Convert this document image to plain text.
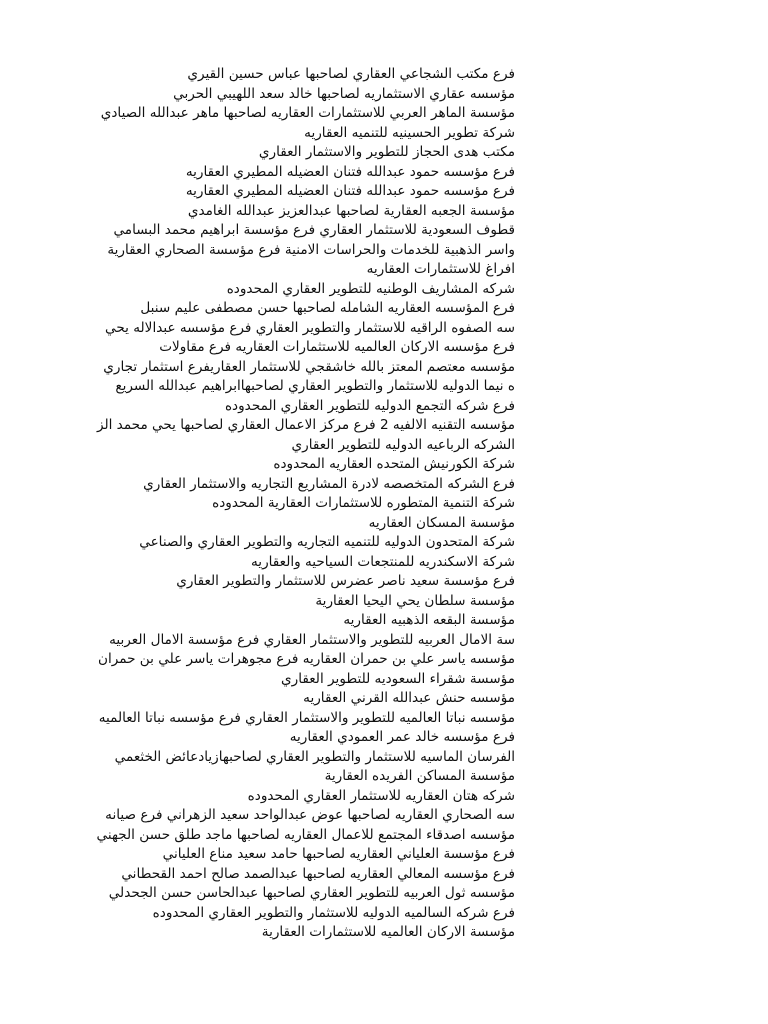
فرع مكتب الشجاعي العقاري لصاحبها عباس حسين القيري
مؤسسه عقاري الاستثماريه لصاحبها خالد سعد اللهيبي الحربي
مؤسسة الماهر العربي للاستثمارات العقاريه لصاحبها ماهر عبدالله الصيادي
شركة تطوير الحسينيه للتنميه العقاريه
مكتب هدى الحجاز للتطوير والاستثمار العقاري
فرع مؤسسه حمود عبدالله فتنان العضيله المطيري العقاريه
فرع مؤسسه حمود عبدالله فتنان العضيله المطيري العقاريه
مؤسسة الجعبه العقارية لصاحبها عبدالعزيز عبدالله الغامدي
قطوف السعودية للاستثمار العقاري فرع مؤسسة ابراهيم محمد البسامي
واسر الذهبية للخدمات والحراسات الامنية فرع مؤسسة الصحاري العقارية
افراغ للاستثمارات العقاريه
شركه المشاريف الوطنيه للتطوير العقاري المحدوده
فرع المؤسسه العقاريه الشامله لصاحبها حسن مصطفى عليم سنبل
سه الصفوه الراقيه للاستثمار والتطوير العقاري فرع مؤسسه عبدالاله يحي
فرع مؤسسه الاركان العالميه للاستثمارات العقاريه فرع مقاولات
مؤسسه معتصم المعتز بالله خاشقجي للاستثمار العقاريفرع استثمار تجاري
ه نيما الدوليه للاستثمار والتطوير العقاري لصاحبهاابراهيم عبدالله السريع
فرع شركه التجمع الدوليه للتطوير العقاري المحدوده
مؤسسه التقنيه الالفيه 2 فرع مركز الاعمال العقاري لصاحبها يحي محمد الز
الشركه الرباعيه الدوليه للتطوير العقاري
شركة الكورنيش المتحده العقاريه المحدوده
فرع الشركه المتخصصه لادرة المشاريع التجاريه والاستثمار العقاري
شركة التنمية المتطوره للاستثمارات العقارية المحدوده
مؤسسة المسكان العقاريه
شركة المتحدون الدوليه للتنميه التجاريه والتطوير العقاري والصناعي
شركة الاسكندريه للمنتجعات السياحيه والعقاريه
فرع مؤسسة سعيد ناصر عضرس للاستثمار والتطوير العقاري
مؤسسة سلطان يحي اليحيا العقارية
مؤسسة البقعه الذهبيه العقاريه
سة الامال العربيه للتطوير والاستثمار العقاري فرع مؤسسة الامال العربيه
مؤسسه ياسر علي بن حمران العقاريه فرع مجوهرات ياسر علي بن حمران
مؤسسة شقراء السعوديه للتطوير العقاري
مؤسسه حنش عبدالله القرني العقاريه
مؤسسه نباتا العالميه للتطوير والاستثمار العقاري فرع مؤسسه نباتا العالميه
فرع مؤسسه خالد عمر العمودي العقاريه
الفرسان الماسيه للاستثمار والتطوير العقاري لصاحبهازيادعائض الخثعمي
مؤسسة المساكن الفريده العقارية
شركه هتان العقاريه للاستثمار العقاري المحدوده
سه الصحاري العقاريه لصاحبها عوض عبدالواحد سعيد الزهراني فرع صيانه
مؤسسه اصدقاء المجتمع للاعمال العقاريه لصاحبها ماجد طلق حسن الجهني
فرع مؤسسة العلياني العقاريه لصاحبها حامد سعيد مناع العلياني
فرع مؤسسه المعالي العقاريه لصاحبها عبدالصمد صالح احمد القحطاني
مؤسسه ثول العربيه للتطوير العقاري لصاحبها عبدالحاسن حسن الجحدلي
فرع شركه السالميه الدوليه للاستثمار والتطوير العقاري المحدوده
مؤسسة الاركان العالميه للاستثمارات العقارية
